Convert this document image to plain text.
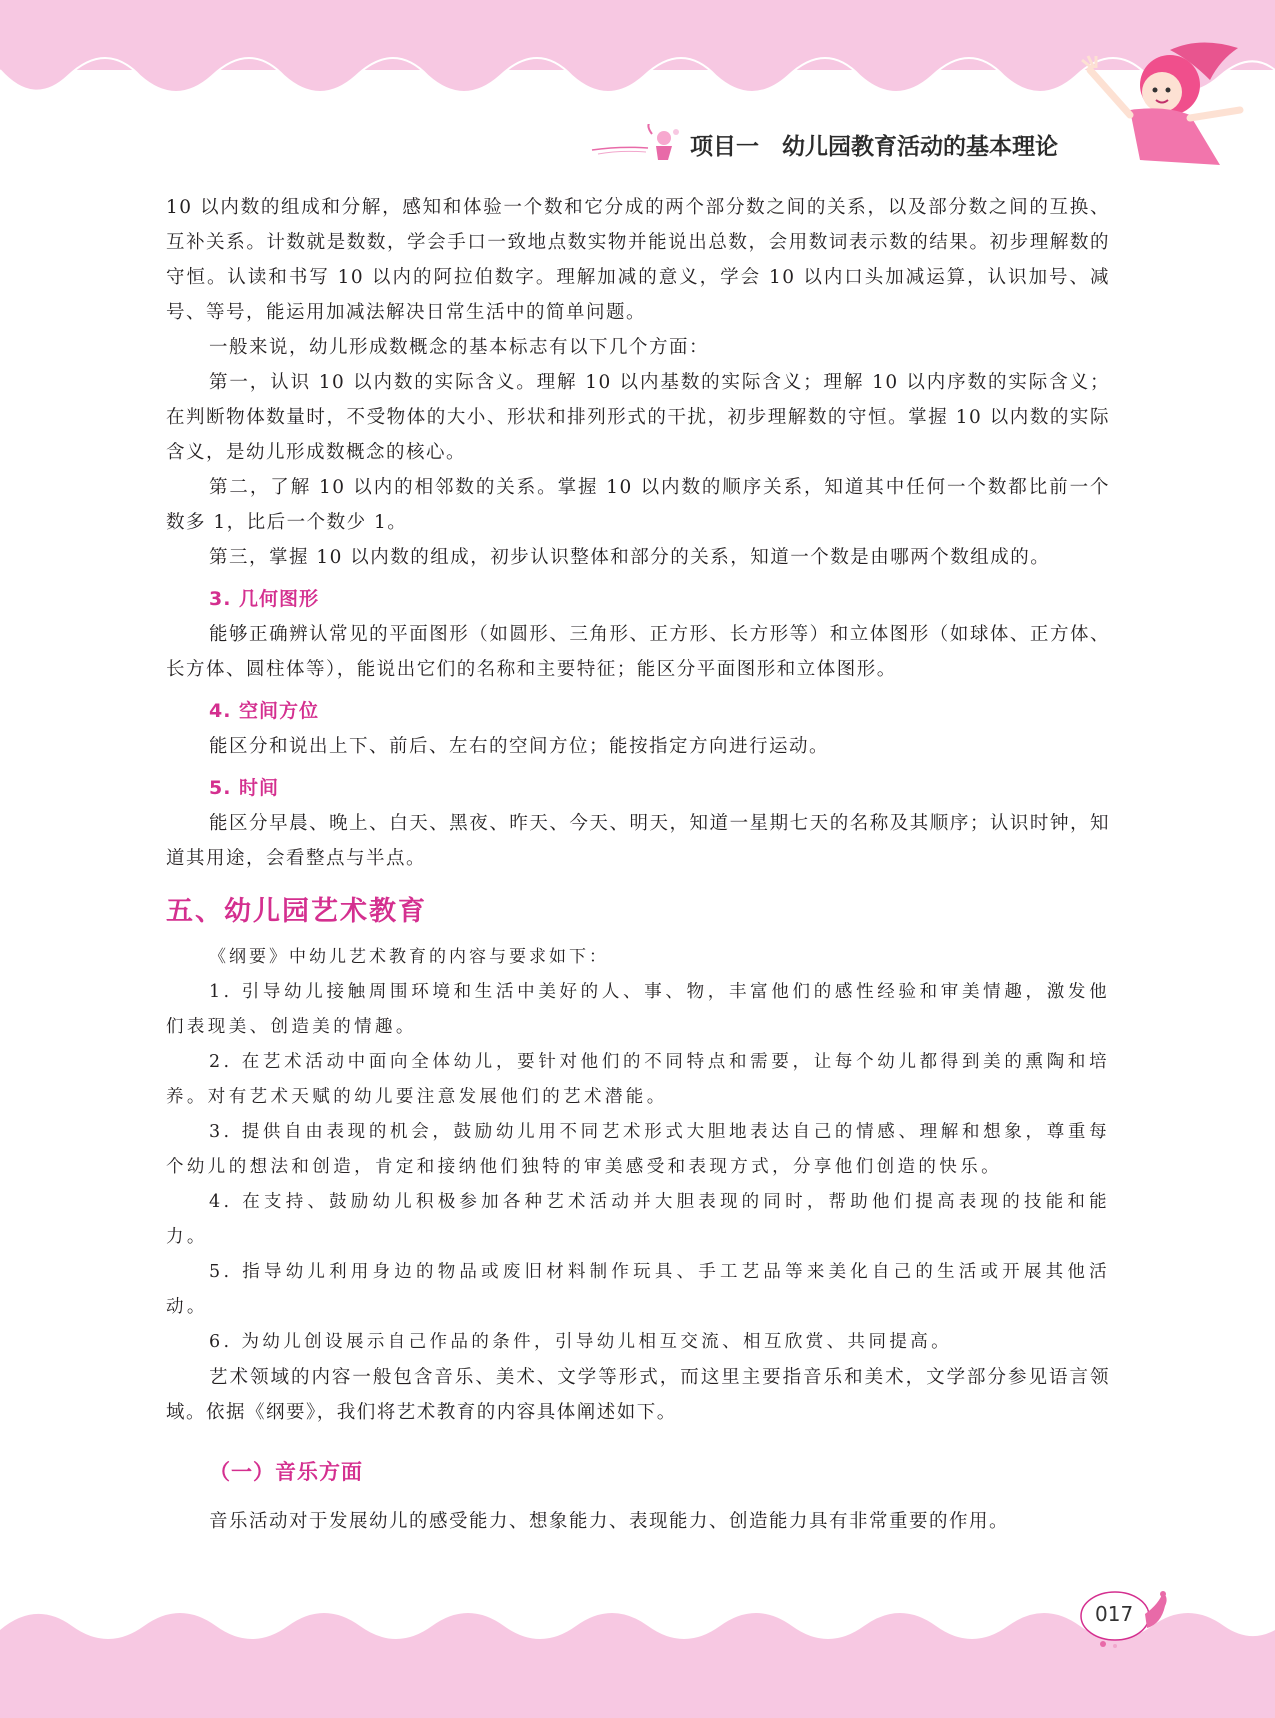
项目一　幼儿园教育活动的基本理论

10 以内数的组成和分解，感知和体验一个数和它分成的两个部分数之间的关系，以及部分数之间的互换、互补关系。计数就是数数，学会手口一致地点数实物并能说出总数，会用数词表示数的结果。初步理解数的守恒。认读和书写 10 以内的阿拉伯数字。理解加减的意义，学会 10 以内口头加减运算，认识加号、减号、等号，能运用加减法解决日常生活中的简单问题。

一般来说，幼儿形成数概念的基本标志有以下几个方面：

第一，认识 10 以内数的实际含义。理解 10 以内基数的实际含义；理解 10 以内序数的实际含义；在判断物体数量时，不受物体的大小、形状和排列形式的干扰，初步理解数的守恒。掌握 10 以内数的实际含义，是幼儿形成数概念的核心。

第二，了解 10 以内的相邻数的关系。掌握 10 以内数的顺序关系，知道其中任何一个数都比前一个数多 1，比后一个数少 1。

第三，掌握 10 以内数的组成，初步认识整体和部分的关系，知道一个数是由哪两个数组成的。

3. 几何图形

能够正确辨认常见的平面图形（如圆形、三角形、正方形、长方形等）和立体图形（如球体、正方体、长方体、圆柱体等），能说出它们的名称和主要特征；能区分平面图形和立体图形。

4. 空间方位

能区分和说出上下、前后、左右的空间方位；能按指定方向进行运动。

5. 时间

能区分早晨、晚上、白天、黑夜、昨天、今天、明天，知道一星期七天的名称及其顺序；认识时钟，知道其用途，会看整点与半点。

五、幼儿园艺术教育

《纲要》中幼儿艺术教育的内容与要求如下：

1. 引导幼儿接触周围环境和生活中美好的人、事、物，丰富他们的感性经验和审美情趣，激发他们表现美、创造美的情趣。

2. 在艺术活动中面向全体幼儿，要针对他们的不同特点和需要，让每个幼儿都得到美的熏陶和培养。对有艺术天赋的幼儿要注意发展他们的艺术潜能。

3. 提供自由表现的机会，鼓励幼儿用不同艺术形式大胆地表达自己的情感、理解和想象，尊重每个幼儿的想法和创造，肯定和接纳他们独特的审美感受和表现方式，分享他们创造的快乐。

4. 在支持、鼓励幼儿积极参加各种艺术活动并大胆表现的同时，帮助他们提高表现的技能和能力。

5. 指导幼儿利用身边的物品或废旧材料制作玩具、手工艺品等来美化自己的生活或开展其他活动。

6. 为幼儿创设展示自己作品的条件，引导幼儿相互交流、相互欣赏、共同提高。

艺术领域的内容一般包含音乐、美术、文学等形式，而这里主要指音乐和美术，文学部分参见语言领域。依据《纲要》，我们将艺术教育的内容具体阐述如下。

（一）音乐方面

音乐活动对于发展幼儿的感受能力、想象能力、表现能力、创造能力具有非常重要的作用。

017
